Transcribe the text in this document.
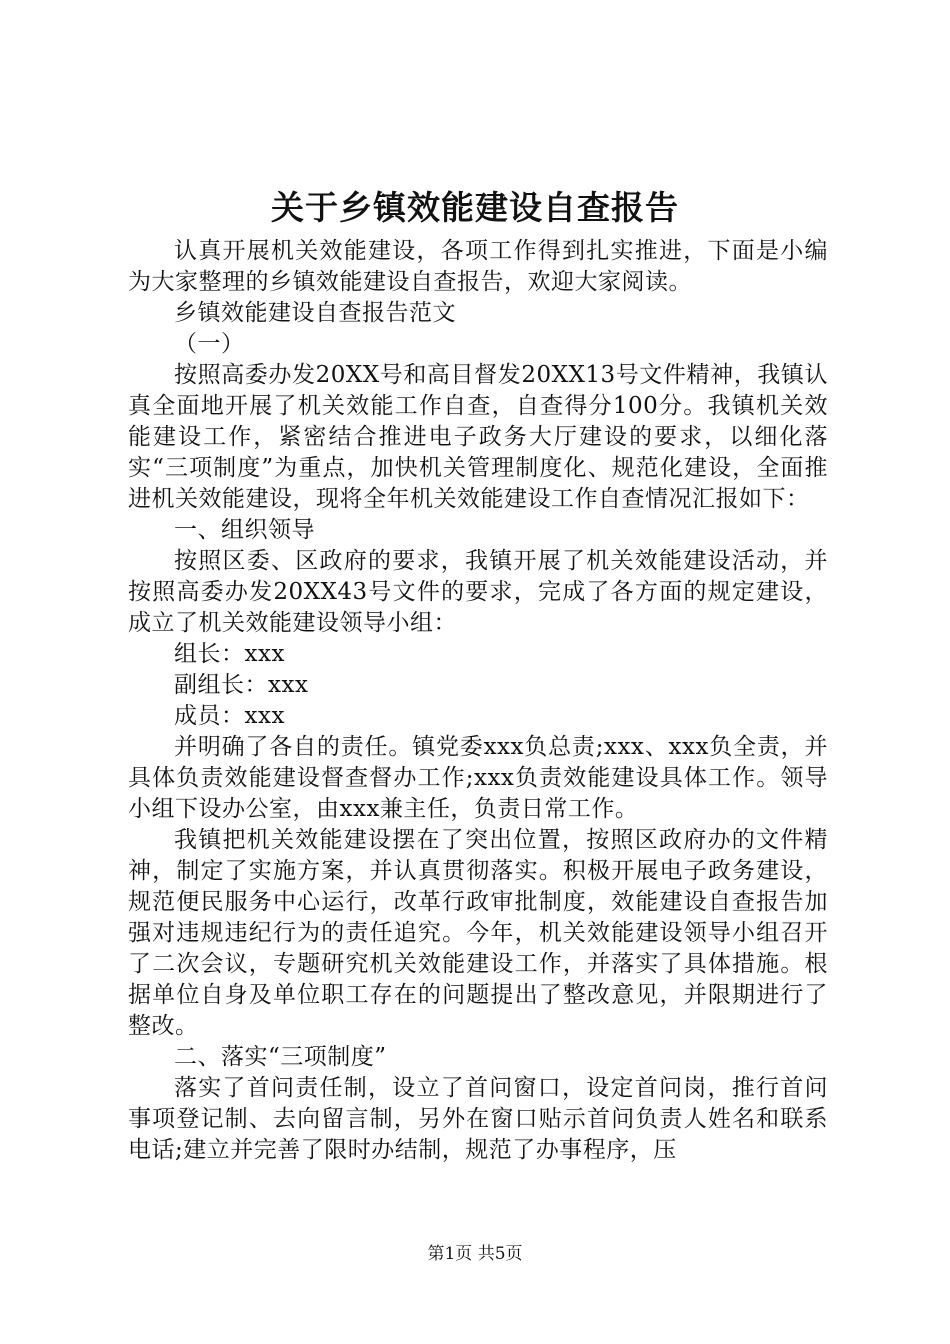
关于乡镇效能建设自查报告

认真开展机关效能建设，各项工作得到扎实推进，下面是小编为大家整理的乡镇效能建设自查报告，欢迎大家阅读。

乡镇效能建设自查报告范文

（一）

按照高委办发20XX号和高目督发20XX13号文件精神，我镇认真全面地开展了机关效能工作自查，自查得分100分。我镇机关效能建设工作，紧密结合推进电子政务大厅建设的要求，以细化落实“三项制度”为重点，加快机关管理制度化、规范化建设，全面推进机关效能建设，现将全年机关效能建设工作自查情况汇报如下：

一、组织领导

按照区委、区政府的要求，我镇开展了机关效能建设活动，并按照高委办发20XX43号文件的要求，完成了各方面的规定建设，成立了机关效能建设领导小组：

组长：xxx

副组长：xxx

成员：xxx

并明确了各自的责任。镇党委xxx负总责;xxx、xxx负全责，并具体负责效能建设督查督办工作;xxx负责效能建设具体工作。领导小组下设办公室，由xxx兼主任，负责日常工作。

我镇把机关效能建设摆在了突出位置，按照区政府办的文件精神，制定了实施方案，并认真贯彻落实。积极开展电子政务建设，规范便民服务中心运行，改革行政审批制度，效能建设自查报告加强对违规违纪行为的责任追究。今年，机关效能建设领导小组召开了二次会议，专题研究机关效能建设工作，并落实了具体措施。根据单位自身及单位职工存在的问题提出了整改意见，并限期进行了整改。

二、落实“三项制度”

落实了首问责任制，设立了首问窗口，设定首问岗，推行首问事项登记制、去向留言制，另外在窗口贴示首问负责人姓名和联系电话;建立并完善了限时办结制，规范了办事程序，压

第1页 共5页
